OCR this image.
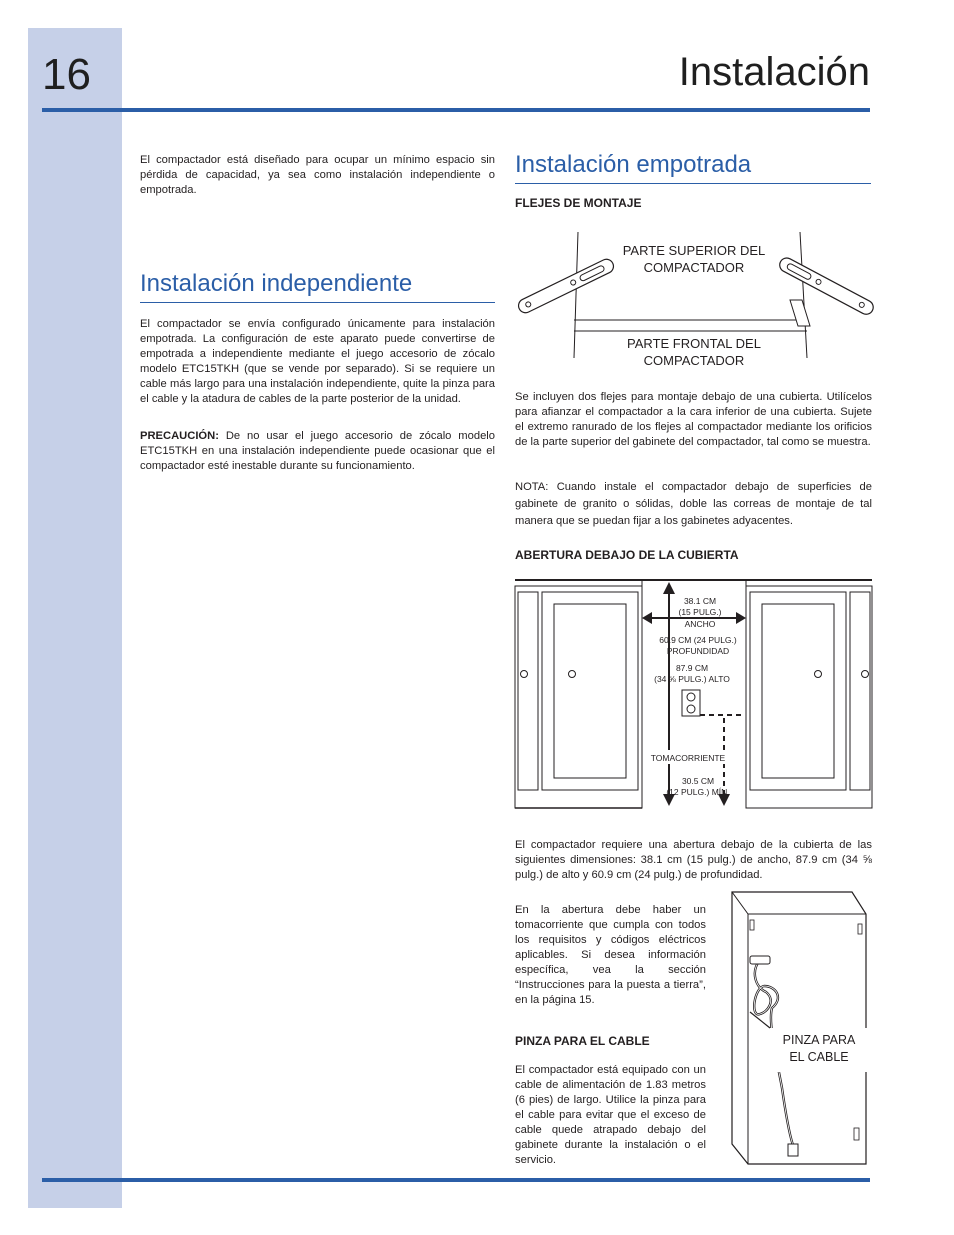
16	Instalación

El compactador está diseñado para ocupar un mínimo espacio sin pérdida de capacidad, ya sea como instalación independiente o empotrada.

Instalación independiente

El compactador se envía configurado únicamente para instalación empotrada. La configuración de este aparato puede convertirse de empotrada a independiente mediante el juego accesorio de zócalo modelo ETC15TKH (que se vende por separado). Si se requiere un cable más largo para una instalación independiente, quite la pinza para el cable y la atadura de cables de la parte posterior de la unidad.

PRECAUCIÓN: De no usar el juego accesorio de zócalo modelo ETC15TKH en una instalación independiente puede ocasionar que el compactador esté inestable durante su funcionamiento.

Instalación empotrada
FLEJES DE MONTAJE
PARTE SUPERIOR DEL
COMPACTADOR
PARTE FRONTAL DEL
COMPACTADOR

Se incluyen dos flejes para montaje debajo de una cubierta. Utilícelos para afianzar el compactador a la cara inferior de una cubierta. Sujete el extremo ranurado de los flejes al compactador mediante los orificios de la parte superior del gabinete del compactador, tal como se muestra.

NOTA: Cuando instale el compactador debajo de superficies de gabinete de granito o sólidas, doble las correas de montaje de tal manera que se puedan fijar a los gabinetes adyacentes.

ABERTURA DEBAJO DE LA CUBIERTA
38.1 CM
(15 PULG.)
ANCHO
60.9 CM (24 PULG.)
PROFUNDIDAD
87.9 CM
(34 ⅝ PULG.) ALTO
TOMACORRIENTE
30.5 CM
(12 PULG.) MÍN.

El compactador requiere una abertura debajo de la cubierta de las siguientes dimensiones: 38.1 cm (15 pulg.) de ancho, 87.9 cm (34 ⅝ pulg.) de alto y 60.9 cm (24 pulg.) de profundidad.

En la abertura debe haber un tomacorriente que cumpla con todos los requisitos y códigos eléctricos aplicables. Si desea información específica, vea la sección “Instrucciones para la puesta a tierra”, en la página 15.

PINZA PARA EL CABLE

El compactador está equipado con un cable de alimentación de 1.83 metros (6 pies) de largo. Utilice la pinza para el cable para evitar que el exceso de cable quede atrapado debajo del gabinete durante la instalación o el servicio.

PINZA PARA
EL CABLE
